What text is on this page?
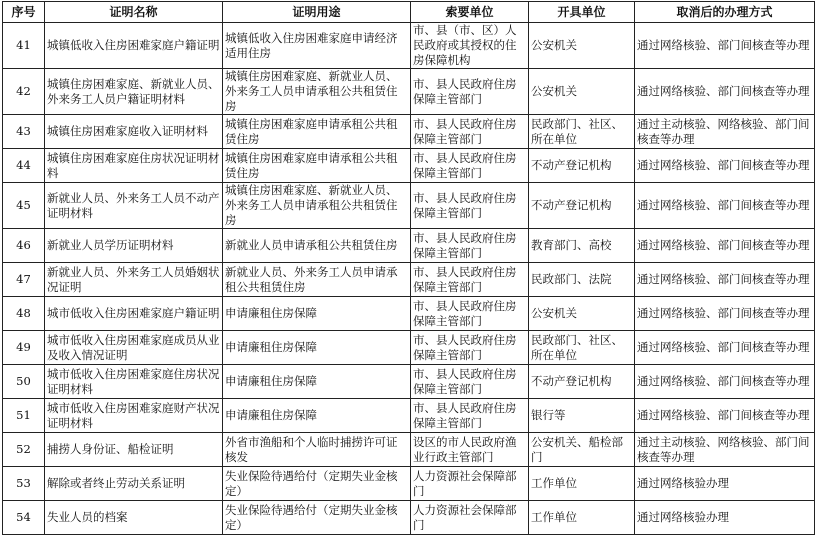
序号	证明名称	证明用途	索要单位	开具单位	取消后的办理方式
41	城镇低收入住房困难家庭户籍证明	城镇低收入住房困难家庭申请经济适用住房	市、县（市、区）人民政府或其授权的住房保障机构	公安机关	通过网络核验、部门间核查等办理
42	城镇住房困难家庭、新就业人员、外来务工人员户籍证明材料	城镇住房困难家庭、新就业人员、外来务工人员申请承租公共租赁住房	市、县人民政府住房保障主管部门	公安机关	通过网络核验、部门间核查等办理
43	城镇住房困难家庭收入证明材料	城镇住房困难家庭申请承租公共租赁住房	市、县人民政府住房保障主管部门	民政部门、社区、所在单位	通过主动核验、网络核验、部门间核查等办理
44	城镇住房困难家庭住房状况证明材料	城镇住房困难家庭申请承租公共租赁住房	市、县人民政府住房保障主管部门	不动产登记机构	通过网络核验、部门间核查等办理
45	新就业人员、外来务工人员不动产证明材料	城镇住房困难家庭、新就业人员、外来务工人员申请承租公共租赁住房	市、县人民政府住房保障主管部门	不动产登记机构	通过网络核验、部门间核查等办理
46	新就业人员学历证明材料	新就业人员申请承租公共租赁住房	市、县人民政府住房保障主管部门	教育部门、高校	通过网络核验、部门间核查等办理
47	新就业人员、外来务工人员婚姻状况证明	新就业人员、外来务工人员申请承租公共租赁住房	市、县人民政府住房保障主管部门	民政部门、法院	通过网络核验、部门间核查等办理
48	城市低收入住房困难家庭户籍证明	申请廉租住房保障	市、县人民政府住房保障主管部门	公安机关	通过网络核验、部门间核查等办理
49	城市低收入住房困难家庭成员从业及收入情况证明	申请廉租住房保障	市、县人民政府住房保障主管部门	民政部门、社区、所在单位	通过网络核验、部门间核查等办理
50	城市低收入住房困难家庭住房状况证明材料	申请廉租住房保障	市、县人民政府住房保障主管部门	不动产登记机构	通过网络核验、部门间核查等办理
51	城市低收入住房困难家庭财产状况证明材料	申请廉租住房保障	市、县人民政府住房保障主管部门	银行等	通过网络核验、部门间核查等办理
52	捕捞人身份证、船检证明	外省市渔船和个人临时捕捞许可证核发	设区的市人民政府渔业行政主管部门	公安机关、船检部门	通过主动核验、网络核验、部门间核查等办理
53	解除或者终止劳动关系证明	失业保险待遇给付（定期失业金核定）	人力资源社会保障部门	工作单位	通过网络核验办理
54	失业人员的档案	失业保险待遇给付（定期失业金核定）	人力资源社会保障部门	工作单位	通过网络核验办理
